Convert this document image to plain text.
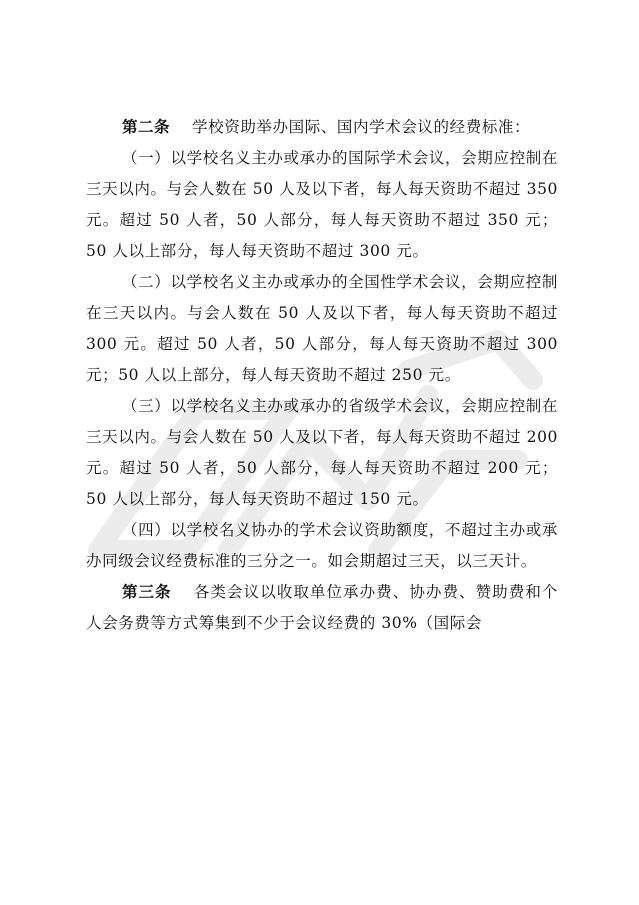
第二条 学校资助举办国际、国内学术会议的经费标准：

（一）以学校名义主办或承办的国际学术会议，会期应控制在三天以内。与会人数在 50 人及以下者，每人每天资助不超过 350 元。超过 50 人者，50 人部分，每人每天资助不超过 350 元；50 人以上部分，每人每天资助不超过 300 元。

（二）以学校名义主办或承办的全国性学术会议，会期应控制在三天以内。与会人数在 50 人及以下者，每人每天资助不超过 300 元。超过 50 人者，50 人部分，每人每天资助不超过 300 元；50 人以上部分，每人每天资助不超过 250 元。

（三）以学校名义主办或承办的省级学术会议，会期应控制在三天以内。与会人数在 50 人及以下者，每人每天资助不超过 200 元。超过 50 人者，50 人部分，每人每天资助不超过 200 元；50 人以上部分，每人每天资助不超过 150 元。

（四）以学校名义协办的学术会议资助额度，不超过主办或承办同级会议经费标准的三分之一。如会期超过三天，以三天计。

第三条 各类会议以收取单位承办费、协办费、赞助费和个人会务费等方式筹集到不少于会议经费的 30%（国际会
